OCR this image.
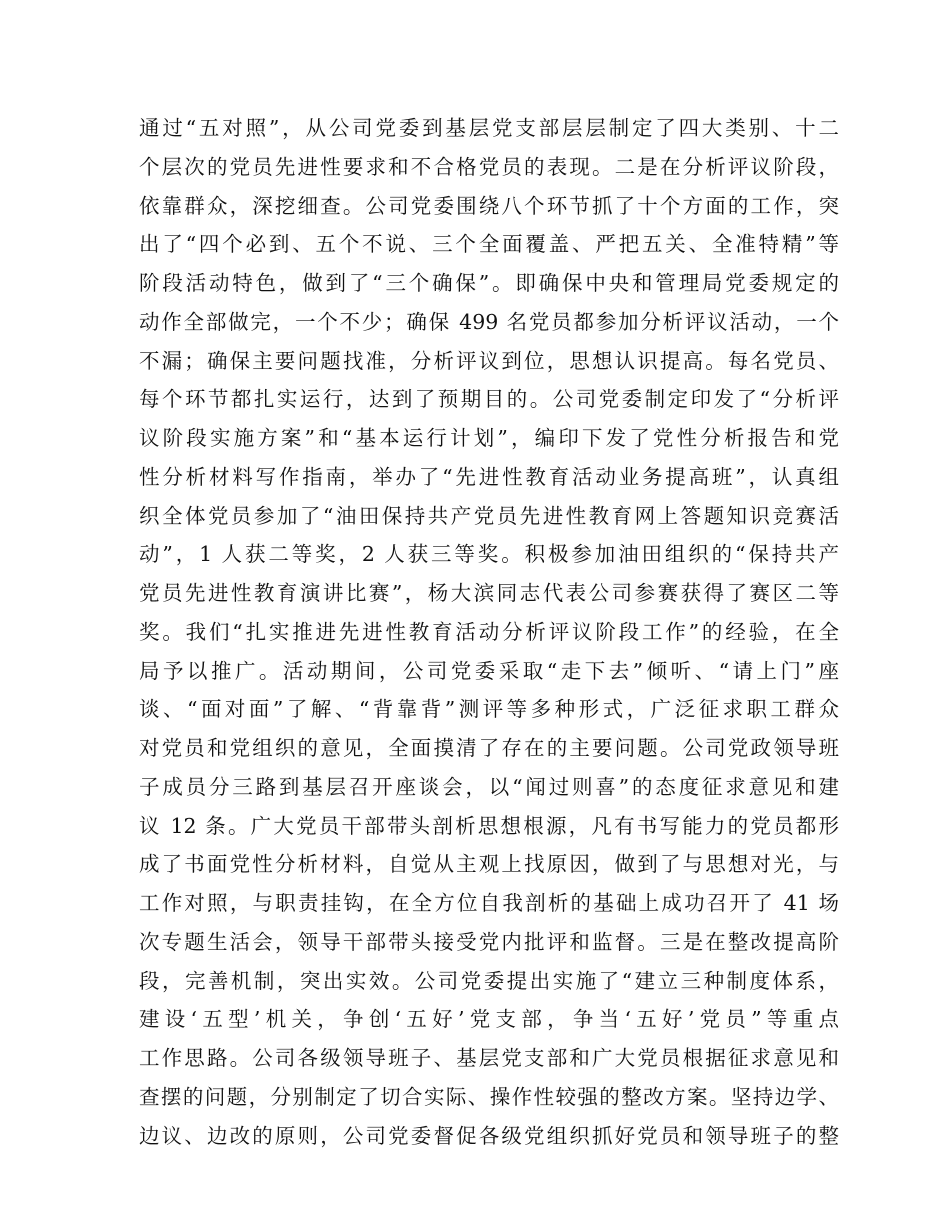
通过“五对照”，从公司党委到基层党支部层层制定了四大类别、十二
个层次的党员先进性要求和不合格党员的表现。二是在分析评议阶段，
依靠群众，深挖细查。公司党委围绕八个环节抓了十个方面的工作，突
出了“四个必到、五个不说、三个全面覆盖、严把五关、全准特精”等
阶段活动特色，做到了“三个确保”。即确保中央和管理局党委规定的
动作全部做完，一个不少；确保 499 名党员都参加分析评议活动，一个
不漏；确保主要问题找准，分析评议到位，思想认识提高。每名党员、
每个环节都扎实运行，达到了预期目的。公司党委制定印发了“分析评
议阶段实施方案”和“基本运行计划”，编印下发了党性分析报告和党
性分析材料写作指南，举办了“先进性教育活动业务提高班”，认真组
织全体党员参加了“油田保持共产党员先进性教育网上答题知识竞赛活
动”，1 人获二等奖，2 人获三等奖。积极参加油田组织的“保持共产
党员先进性教育演讲比赛”，杨大滨同志代表公司参赛获得了赛区二等
奖。我们“扎实推进先进性教育活动分析评议阶段工作”的经验，在全
局予以推广。活动期间，公司党委采取“走下去”倾听、“请上门”座
谈、“面对面”了解、“背靠背”测评等多种形式，广泛征求职工群众
对党员和党组织的意见，全面摸清了存在的主要问题。公司党政领导班
子成员分三路到基层召开座谈会，以“闻过则喜”的态度征求意见和建
议 12 条。广大党员干部带头剖析思想根源，凡有书写能力的党员都形
成了书面党性分析材料，自觉从主观上找原因，做到了与思想对光，与
工作对照，与职责挂钩，在全方位自我剖析的基础上成功召开了 41 场
次专题生活会，领导干部带头接受党内批评和监督。三是在整改提高阶
段，完善机制，突出实效。公司党委提出实施了“建立三种制度体系，
建设‘五型’机关，争创‘五好’党支部，争当‘五好’党员”等重点
工作思路。公司各级领导班子、基层党支部和广大党员根据征求意见和
查摆的问题，分别制定了切合实际、操作性较强的整改方案。坚持边学、
边议、边改的原则，公司党委督促各级党组织抓好党员和领导班子的整
